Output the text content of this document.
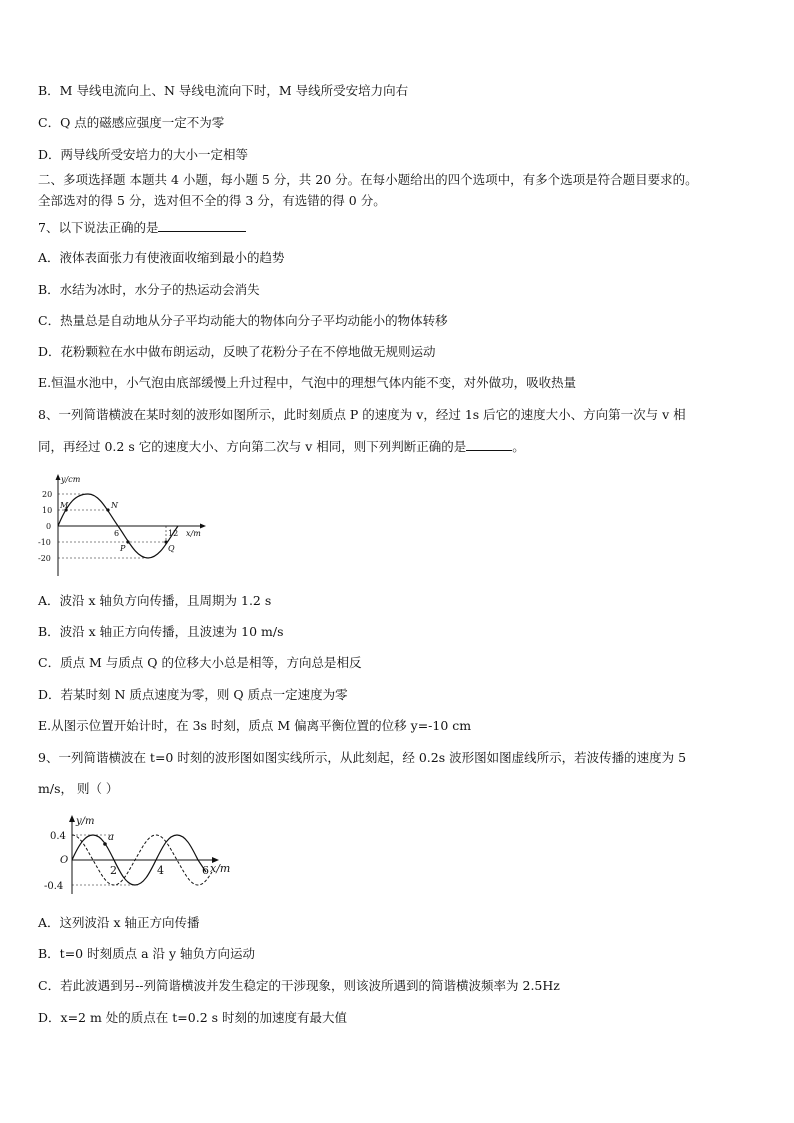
B．M 导线电流向上、N 导线电流向下时，M 导线所受安培力向右
C．Q 点的磁感应强度一定不为零
D．两导线所受安培力的大小一定相等
二、多项选择题 本题共 4 小题，每小题 5 分，共 20 分。在每小题给出的四个选项中，有多个选项是符合题目要求的。
全部选对的得 5 分，选对但不全的得 3 分，有选错的得 0 分。
7、以下说法正确的是
A．液体表面张力有使液面收缩到最小的趋势
B．水结为冰时，水分子的热运动会消失
C．热量总是自动地从分子平均动能大的物体向分子平均动能小的物体转移
D．花粉颗粒在水中做布朗运动，反映了花粉分子在不停地做无规则运动
E.恒温水池中，小气泡由底部缓慢上升过程中，气泡中的理想气体内能不变，对外做功，吸收热量
8、一列简谐横波在某时刻的波形如图所示，此时刻质点 P 的速度为 v，经过 1s 后它的速度大小、方向第一次与 v 相
同，再经过 0.2 s 它的速度大小、方向第二次与 v 相同，则下列判断正确的是	。
y/cm
x/m
20
10
0
-10
-20
6	12
M	N
P	Q
A．波沿 x 轴负方向传播，且周期为 1.2 s
B．波沿 x 轴正方向传播，且波速为 10 m/s
C．质点 M 与质点 Q 的位移大小总是相等，方向总是相反
D．若某时刻 N 质点速度为零，则 Q 质点一定速度为零
E.从图示位置开始计时，在 3s 时刻，质点 M 偏离平衡位置的位移 y=-10 cm
9、一列简谐横波在 t=0 时刻的波形图如图实线所示，从此刻起，经 0.2s 波形图如图虚线所示，若波传播的速度为 5
m/s， 则（ ）
y/m
x/m
0.4
-0.4
O
2	4	6
a
A．这列波沿 x 轴正方向传播
B．t=0 时刻质点 a 沿 y 轴负方向运动
C．若此波遇到另--列简谐横波并发生稳定的干涉现象，则该波所遇到的简谐横波频率为 2.5Hz
D．x=2 m 处的质点在 t=0.2 s 时刻的加速度有最大值
